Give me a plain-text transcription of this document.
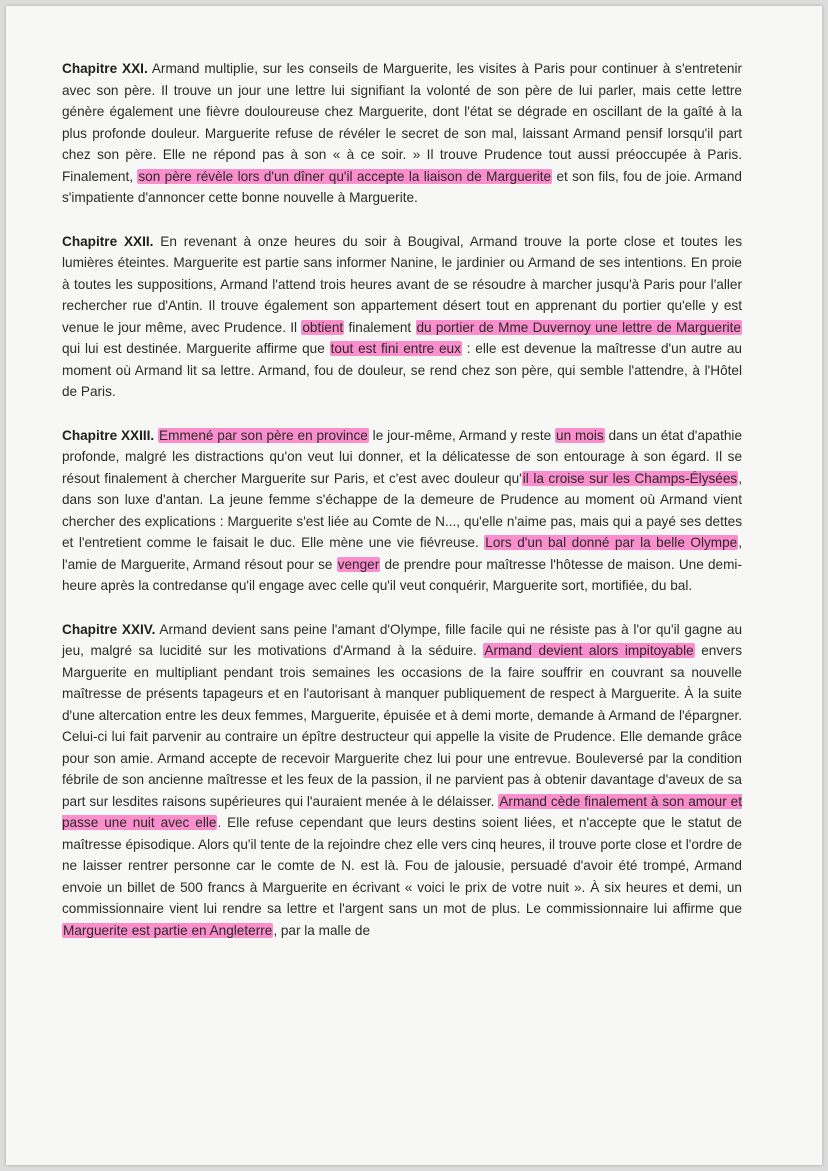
Chapitre XXI. Armand multiplie, sur les conseils de Marguerite, les visites à Paris pour continuer à s'entretenir avec son père. Il trouve un jour une lettre lui signifiant la volonté de son père de lui parler, mais cette lettre génère également une fièvre douloureuse chez Marguerite, dont l'état se dégrade en oscillant de la gaîté à la plus profonde douleur. Marguerite refuse de révéler le secret de son mal, laissant Armand pensif lorsqu'il part chez son père. Elle ne répond pas à son « à ce soir. » Il trouve Prudence tout aussi préoccupée à Paris. Finalement, son père révèle lors d'un dîner qu'il accepte la liaison de Marguerite et son fils, fou de joie. Armand s'impatiente d'annoncer cette bonne nouvelle à Marguerite.

Chapitre XXII. En revenant à onze heures du soir à Bougival, Armand trouve la porte close et toutes les lumières éteintes. Marguerite est partie sans informer Nanine, le jardinier ou Armand de ses intentions. En proie à toutes les suppositions, Armand l'attend trois heures avant de se résoudre à marcher jusqu'à Paris pour l'aller rechercher rue d'Antin. Il trouve également son appartement désert tout en apprenant du portier qu'elle y est venue le jour même, avec Prudence. Il obtient finalement du portier de Mme Duvernoy une lettre de Marguerite qui lui est destinée. Marguerite affirme que tout est fini entre eux : elle est devenue la maîtresse d'un autre au moment où Armand lit sa lettre. Armand, fou de douleur, se rend chez son père, qui semble l'attendre, à l'Hôtel de Paris.

Chapitre XXIII. Emmené par son père en province le jour-même, Armand y reste un mois dans un état d'apathie profonde, malgré les distractions qu'on veut lui donner, et la délicatesse de son entourage à son égard. Il se résout finalement à chercher Marguerite sur Paris, et c'est avec douleur qu'il la croise sur les Champs-Élysées, dans son luxe d'antan. La jeune femme s'échappe de la demeure de Prudence au moment où Armand vient chercher des explications : Marguerite s'est liée au Comte de N..., qu'elle n'aime pas, mais qui a payé ses dettes et l'entretient comme le faisait le duc. Elle mène une vie fiévreuse. Lors d'un bal donné par la belle Olympe, l'amie de Marguerite, Armand résout pour se venger de prendre pour maîtresse l'hôtesse de maison. Une demi-heure après la contredanse qu'il engage avec celle qu'il veut conquérir, Marguerite sort, mortifiée, du bal.

Chapitre XXIV. Armand devient sans peine l'amant d'Olympe, fille facile qui ne résiste pas à l'or qu'il gagne au jeu, malgré sa lucidité sur les motivations d'Armand à la séduire. Armand devient alors impitoyable envers Marguerite en multipliant pendant trois semaines les occasions de la faire souffrir en couvrant sa nouvelle maîtresse de présents tapageurs et en l'autorisant à manquer publiquement de respect à Marguerite. À la suite d'une altercation entre les deux femmes, Marguerite, épuisée et à demi morte, demande à Armand de l'épargner. Celui-ci lui fait parvenir au contraire un épître destructeur qui appelle la visite de Prudence. Elle demande grâce pour son amie. Armand accepte de recevoir Marguerite chez lui pour une entrevue. Bouleversé par la condition fébrile de son ancienne maîtresse et les feux de la passion, il ne parvient pas à obtenir davantage d'aveux de sa part sur lesdites raisons supérieures qui l'auraient menée à le délaisser. Armand cède finalement à son amour et passe une nuit avec elle. Elle refuse cependant que leurs destins soient liées, et n'accepte que le statut de maîtresse épisodique. Alors qu'il tente de la rejoindre chez elle vers cinq heures, il trouve porte close et l'ordre de ne laisser rentrer personne car le comte de N. est là. Fou de jalousie, persuadé d'avoir été trompé, Armand envoie un billet de 500 francs à Marguerite en écrivant « voici le prix de votre nuit ». À six heures et demi, un commissionnaire vient lui rendre sa lettre et l'argent sans un mot de plus. Le commissionnaire lui affirme que Marguerite est partie en Angleterre, par la malle de
